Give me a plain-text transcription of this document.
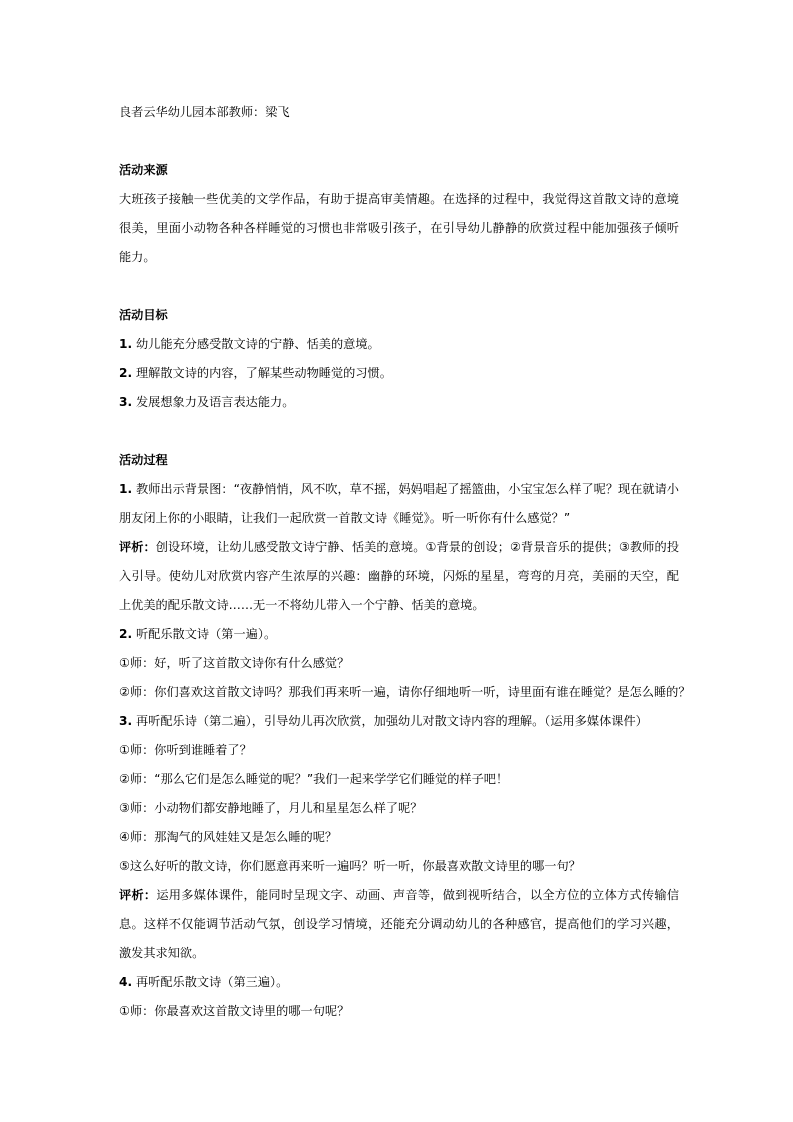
良者云华幼儿园本部教师：梁飞

活动来源

大班孩子接触一些优美的文学作品，有助于提高审美情趣。在选择的过程中，我觉得这首散文诗的意境很美，里面小动物各种各样睡觉的习惯也非常吸引孩子，在引导幼儿静静的欣赏过程中能加强孩子倾听能力。

活动目标

1. 幼儿能充分感受散文诗的宁静、恬美的意境。

2. 理解散文诗的内容，了解某些动物睡觉的习惯。

3. 发展想象力及语言表达能力。

活动过程

1. 教师出示背景图：“夜静悄悄，风不吹，草不摇，妈妈唱起了摇篮曲，小宝宝怎么样了呢？现在就请小朋友闭上你的小眼睛，让我们一起欣赏一首散文诗《睡觉》。听一听你有什么感觉？”

评析：创设环境，让幼儿感受散文诗宁静、恬美的意境。①背景的创设；②背景音乐的提供；③教师的投入引导。使幼儿对欣赏内容产生浓厚的兴趣：幽静的环境，闪烁的星星，弯弯的月亮，美丽的天空，配上优美的配乐散文诗……无一不将幼儿带入一个宁静、恬美的意境。

2. 听配乐散文诗（第一遍）。

①师：好，听了这首散文诗你有什么感觉？

②师：你们喜欢这首散文诗吗？那我们再来听一遍，请你仔细地听一听，诗里面有谁在睡觉？是怎么睡的？

3. 再听配乐诗（第二遍），引导幼儿再次欣赏，加强幼儿对散文诗内容的理解。（运用多媒体课件）

①师：你听到谁睡着了？

②师：“那么它们是怎么睡觉的呢？”我们一起来学学它们睡觉的样子吧！

③师：小动物们都安静地睡了，月儿和星星怎么样了呢？

④师：那淘气的风娃娃又是怎么睡的呢？

⑤这么好听的散文诗，你们愿意再来听一遍吗？听一听，你最喜欢散文诗里的哪一句？

评析：运用多媒体课件，能同时呈现文字、动画、声音等，做到视听结合，以全方位的立体方式传输信息。这样不仅能调节活动气氛，创设学习情境，还能充分调动幼儿的各种感官，提高他们的学习兴趣，激发其求知欲。

4. 再听配乐散文诗（第三遍）。

①师：你最喜欢这首散文诗里的哪一句呢？
